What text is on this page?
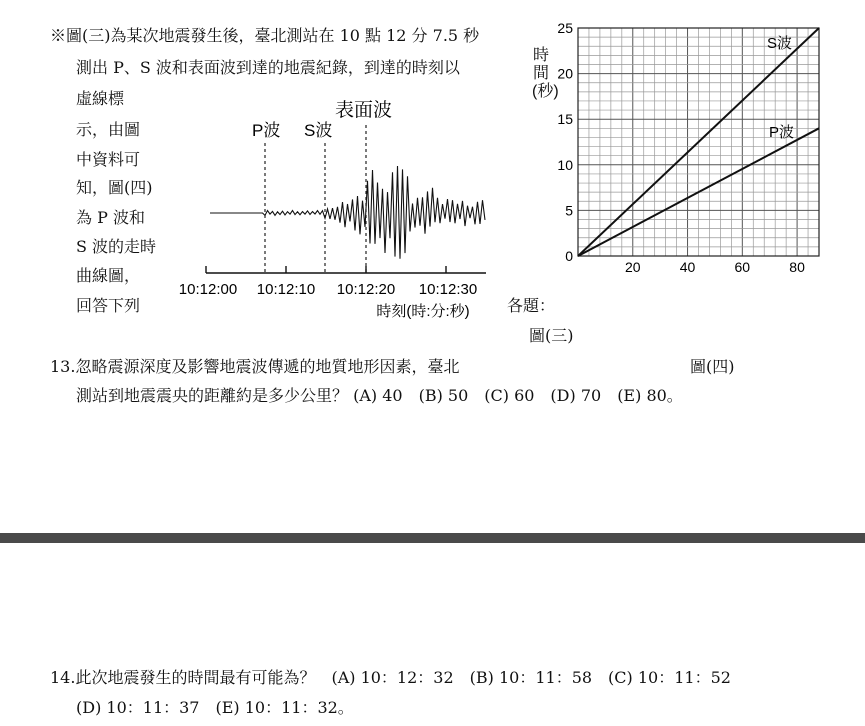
※圖(三)為某次地震發生後，臺北測站在 10 點 12 分 7.5 秒
測出 P、S 波和表面波到達的地震紀錄，到達的時刻以
虛線標
示，由圖
中資料可
知，圖(四)
為 P 波和
S 波的走時
曲線圖，
回答下列	各題：
表面波
P波 S波
10:12:00 10:12:10 10:12:20 10:12:30
時刻(時:分:秒)
圖(三)
時間(秒)
0
5
10
15
20
25
20	40	60	80
S波
P波
圖(四)
13.忽略震源深度及影響地震波傳遞的地質地形因素，臺北
測站到地震震央的距離約是多少公里？ (A) 40　(B) 50　(C) 60　(D) 70　(E) 80。
14.此次地震發生的時間最有可能為？　(A) 10：12：32　(B) 10：11：58　(C) 10：11：52
(D) 10：11：37　(E) 10：11：32。
